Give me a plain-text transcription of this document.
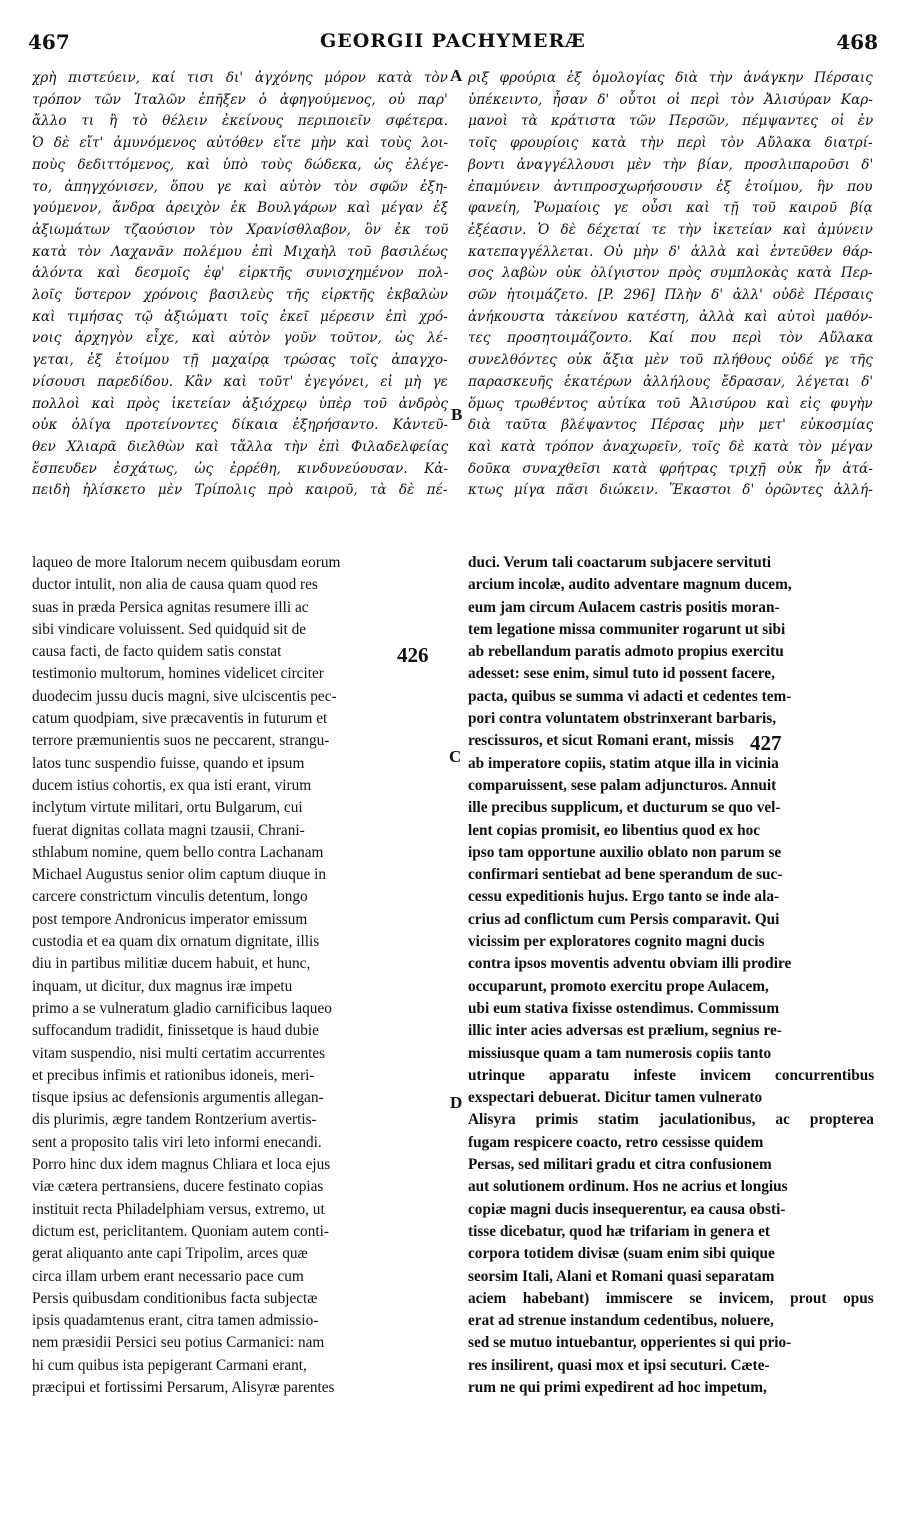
467	GEORGII PACHYMERÆ	468
χρὴ πιστεύειν, καί τισι δι' ἀγχόνης μόρον κατὰ τὸν
τρόπον τῶν Ἰταλῶν ἐπῆξεν ὁ ἀφηγούμενος, οὐ παρ'
ἄλλο τι ἢ τὸ θέλειν ἐκείνους περιποιεῖν σφέτερα.
Ὁ δὲ εἴτ' ἀμυνόμενος αὐτόθεν εἴτε μὴν καὶ τοὺς λοι-
ποὺς δεδιττόμενος, καὶ ὑπὸ τοὺς δώδεκα, ὡς ἐλέγε-
το, ἀπηγχόνισεν, ὅπου γε καὶ αὐτὸν τὸν σφῶν ἐξη-
γούμενον, ἄνδρα ἀρειχὸν ἐκ Βουλγάρων καὶ μέγαν ἐξ
ἀξιωμάτων τζαούσιον τὸν Χρανίσθλαβον, ὃν ἐκ τοῦ
κατὰ τὸν Λαχανᾶν πολέμου ἐπὶ Μιχαὴλ τοῦ βασιλέως
ἁλόντα καὶ δεσμοῖς ἐφ' εἱρκτῆς συνισχημένον πολ-
λοῖς ὕστερον χρόνοις βασιλεὺς τῆς εἱρκτῆς ἐκβαλὼν
καὶ τιμήσας τῷ ἀξιώματι τοῖς ἐκεῖ μέρεσιν ἐπὶ χρό-
νοις ἀρχηγὸν εἶχε, καὶ αὐτὸν γοῦν τοῦτον, ὡς λέ-
γεται, ἐξ ἑτοίμου τῇ μαχαίρᾳ τρώσας τοῖς ἀπαγχο-
νίσουσι παρεδίδου. Κἂν καὶ τοῦτ' ἐγεγόνει, εἰ μὴ γε
πολλοὶ καὶ πρὸς ἱκετείαν ἀξιόχρεῳ ὑπὲρ τοῦ ἀνδρὸς
οὐκ ὀλίγα προτείνοντες δίκαια ἐξηρήσαντο. Κἀντεῦ-
θεν Χλιαρᾶ διελθὼν καὶ τἄλλα τὴν ἐπὶ Φιλαδελφείας
ἔσπευδεν ἐσχάτως, ὡς ἐρρέθη, κινδυνεύουσαν. Κἀ-
πειδὴ ἡλίσκετο μὲν Τρίπολις πρὸ καιροῦ, τὰ δὲ πέ-
ριξ φρούρια ἐξ ὁμολογίας διὰ τὴν ἀνάγκην Πέρσαις
ὑπέκειντο, ἦσαν δ' οὗτοι οἱ περὶ τὸν Ἀλισύραν Καρ-
μανοὶ τὰ κράτιστα τῶν Περσῶν, πέμψαντες οἱ ἐν
τοῖς φρουρίοις κατὰ τὴν περὶ τὸν Αὔλακα διατρί-
βοντι ἀναγγέλλουσι μὲν τὴν βίαν, προσλιπαροῦσι δ'
ἐπαμύνειν ἀντιπροσχωρήσουσιν ἐξ ἑτοίμου, ἣν που
φανείη, Ῥωμαίοις γε οὖσι καὶ τῇ τοῦ καιροῦ βίᾳ
ἐξέασιν. Ὁ δὲ δέχεταί τε τὴν ἱκετείαν καὶ ἀμύνειν
κατεπαγγέλλεται. Οὐ μὴν δ' ἀλλὰ καὶ ἐντεῦθεν θάρ-
σος λαβὼν οὐκ ὀλίγιστον πρὸς συμπλοκὰς κατὰ Περ-
σῶν ἡτοιμάζετο. [P. 296] Πλὴν δ' ἀλλ' οὐδὲ Πέρσαις
ἀνήκουστα τἀκείνου κατέστη, ἀλλὰ καὶ αὐτοὶ μαθόν-
τες προσητοιμάζοντο. Καί που περὶ τὸν Αὔλακα
συνελθόντες οὐκ ἄξια μὲν τοῦ πλήθους οὐδέ γε τῆς
παρασκευῆς ἑκατέρων ἀλλήλους ἔδρασαν, λέγεται δ'
ὅμως τρωθέντος αὐτίκα τοῦ Ἀλισύρου καὶ εἰς φυγὴν
διὰ ταῦτα βλέψαντος Πέρσας μὴν μετ' εὐκοσμίας
καὶ κατὰ τρόπον ἀναχωρεῖν, τοῖς δὲ κατὰ τὸν μέγαν
δοῦκα συναχθεῖσι κατὰ φρήτρας τριχῇ οὐκ ἦν ἀτά-
κτως μίγα πᾶσι διώκειν. Ἕκαστοι δ' ὁρῶντες ἀλλή-
laqueo de more Italorum necem quibusdam eorum
ductor intulit, non alia de causa quam quod res
suas in præda Persica agnitas resumere illi ac
sibi vindicare voluissent. Sed quidquid sit de
causa facti, de facto quidem satis constat
testimonio multorum, homines videlicet circiter
duodecim jussu ducis magni, sive ulciscentis pec-
catum quodpiam, sive præcaventis in futurum et
terrore præmunientis suos ne peccarent, strangu-
latos tunc suspendio fuisse, quando et ipsum
ducem istius cohortis, ex qua isti erant, virum
inclytum virtute militari, ortu Bulgarum, cui
fuerat dignitas collata magni tzausii, Chrani-
sthlabum nomine, quem bello contra Lachanam
Michael Augustus senior olim captum diuque in
carcere constrictum vinculis detentum, longo
post tempore Andronicus imperator emissum
custodia et ea quam dix ornatum dignitate, illis
diu in partibus militiæ ducem habuit, et hunc,
inquam, ut dicitur, dux magnus iræ impetu
primo a se vulneratum gladio carnificibus laqueo
suffocandum tradidit, finissetque is haud dubie
vitam suspendio, nisi multi certatim accurrentes
et precibus infimis et rationibus idoneis, meri-
tisque ipsius ac defensionis argumentis allegan-
dis plurimis, ægre tandem Rontzerium avertis-
sent a proposito talis viri leto informi enecandi.
Porro hinc dux idem magnus Chliara et loca ejus
viæ cætera pertransiens, ducere festinato copias
instituit recta Philadelphiam versus, extremo, ut
dictum est, periclitantem. Quoniam autem conti-
gerat aliquanto ante capi Tripolim, arces quæ
circa illam urbem erant necessario pace cum
Persis quibusdam conditionibus facta subjectæ
ipsis quadamtenus erant, citra tamen admissio-
nem præsidii Persici seu potius Carmanici: nam
hi cum quibus ista pepigerant Carmani erant,
præcipui et fortissimi Persarum, Alisyræ parentes
duci. Verum tali coactarum subjacere servituti
arcium incolæ, audito adventare magnum ducem,
eum jam circum Aulacem castris positis moran-
tem legatione missa communiter rogarunt ut sibi
ab rebellandum paratis admoto propius exercitu
adesset: sese enim, simul tuto id possent facere,
pacta, quibus se summa vi adacti et cedentes tem-
pori contra voluntatem obstrinxerant barbaris,
rescissuros, et sicut Romani erant, missis
ab imperatore copiis, statim atque illa in vicinia
comparuissent, sese palam adjuncturos. Annuit
ille precibus supplicum, et ducturum se quo vel-
lent copias promisit, eo libentius quod ex hoc
ipso tam opportune auxilio oblato non parum se
confirmari sentiebat ad bene sperandum de suc-
cessu expeditionis hujus. Ergo tanto se inde ala-
crius ad conflictum cum Persis comparavit. Qui
vicissim per exploratores cognito magni ducis
contra ipsos moventis adventu obviam illi prodire
occuparunt, promoto exercitu prope Aulacem,
ubi eum stativa fixisse ostendimus. Commissum
illic inter acies adversas est prælium, segnius re-
missiusque quam a tam numerosis copiis tanto
utrinque apparatu infeste invicem concurrentibus
exspectari debuerat. Dicitur tamen vulnerato
Alisyra primis statim jaculationibus, ac propterea
fugam respicere coacto, retro cessisse quidem
Persas, sed militari gradu et citra confusionem
aut solutionem ordinum. Hos ne acrius et longius
copiæ magni ducis insequerentur, ea causa obsti-
tisse dicebatur, quod hæ trifariam in genera et
corpora totidem divisæ (suam enim sibi quique
seorsim Itali, Alani et Romani quasi separatam
aciem habebant) immiscere se invicem, prout opus
erat ad strenue instandum cedentibus, noluere,
sed se mutuo intuebantur, opperientes si qui prio-
res insilirent, quasi mox et ipsi secuturi. Cæte-
rum ne qui primi expedirent ad hoc impetum,
A
B
C
D
426
427
